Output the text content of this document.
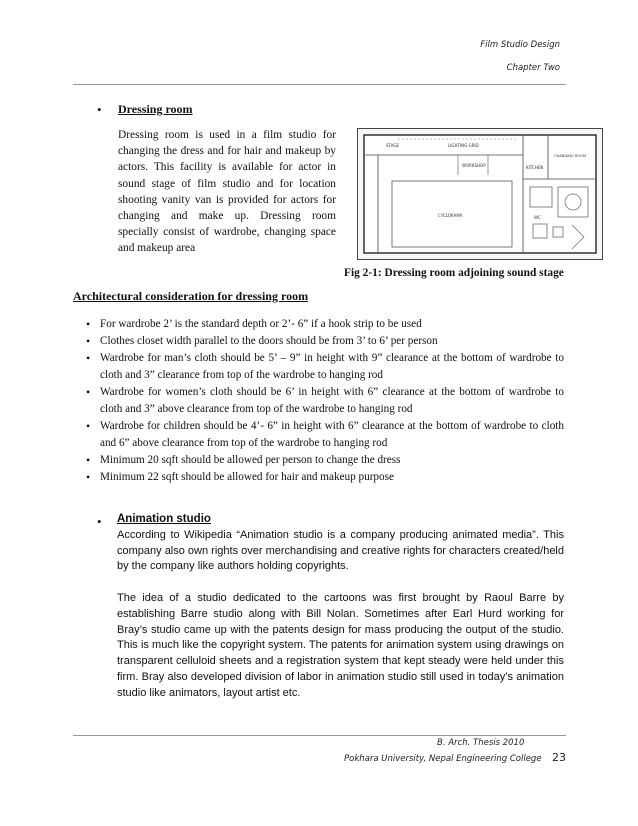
Film Studio Design
Chapter Two
• Dressing room
Dressing room is used in a film studio for changing the dress and for hair and makeup by actors. This facility is available for actor in sound stage of film studio and for location shooting vanity van is provided for actors for changing and make up. Dressing room specially consist of wardrobe, changing space and makeup area
STAGE	LIGHTING GRID
WORKSHOP	KITCHEN
CYCLORAMA
CHANGING ROOM
WC
Fig 2-1: Dressing room adjoining sound stage
Architectural consideration for dressing room
• For wardrobe 2’ is the standard depth or 2’- 6” if a hook strip to be used
• Clothes closet width parallel to the doors should be from 3’ to 6’ per person
• Wardrobe for man’s cloth should be 5’ – 9” in height with 9” clearance at the bottom of wardrobe to cloth and 3” clearance from top of the wardrobe to hanging rod
• Wardrobe for women’s cloth should be 6’ in height with 6” clearance at the bottom of wardrobe to cloth and 3” above clearance from top of the wardrobe to hanging rod
• Wardrobe for children should be 4’- 6” in height with 6” clearance at the bottom of wardrobe to cloth and 6” above clearance from top of the wardrobe to hanging rod
• Minimum 20 sqft should be allowed per person to change the dress
• Minimum 22 sqft should be allowed for hair and makeup purpose
• Animation studio

According to Wikipedia “Animation studio is a company producing animated media”. This company also own rights over merchandising and creative rights for characters created/held by the company like authors holding copyrights.

The idea of a studio dedicated to the cartoons was first brought by Raoul Barre by establishing Barre studio along with Bill Nolan. Sometimes after Earl Hurd working for Bray’s studio came up with the patents design for mass producing the output of the studio. This is much like the copyright system. The patents for animation system using drawings on transparent celluloid sheets and a registration system that kept steady were held under this firm. Bray also developed division of labor in animation studio still used in today’s animation studio like animators, layout artist etc.

B. Arch. Thesis 2010
Pokhara University, Nepal Engineering College 23
